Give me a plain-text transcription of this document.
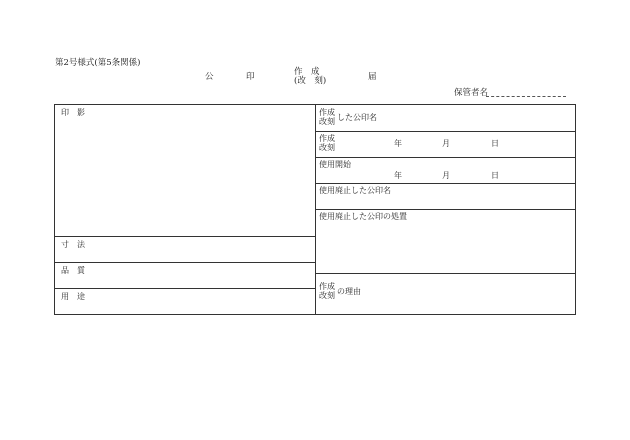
第2号様式(第5条関係)
公	印	作　成
(改　刻)	届
保管者名
印　影
寸　法
品　質
用　途
作成
改刻 した公印名
作成
改刻	年	月	日
使用開始
年	月	日
使用廃止した公印名
使用廃止した公印の処置
作成
改刻 の理由
